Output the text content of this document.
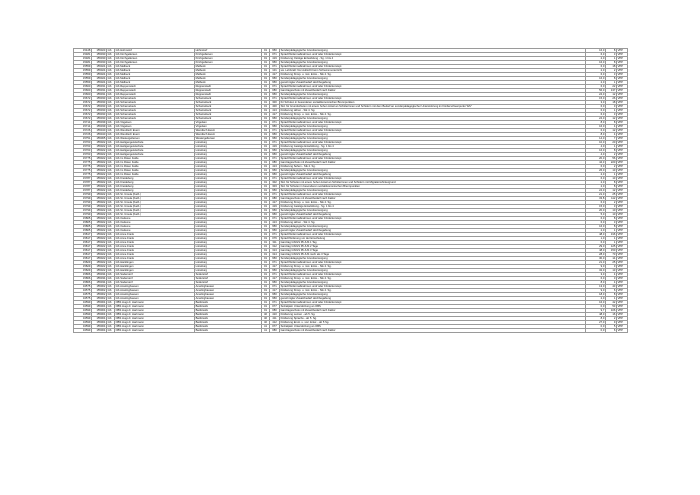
15448	155023	GS	GS Hohnstorf	Hohnstorf	01	950	Sonderpädagogische Grundversorgung	16,0	8	VPP
15481	155030	GS	GS Kirchgellersen	Kirchgellersen	01	071	Sprachfördermaßnahmen und/ oder Förderkonzept	6,0	3	VPP
15481	155030	GS	GS Kirchgellersen	Kirchgellersen	01	419	Förderung Ostolge Entwicklung - Sg. 1 bis 4	2,0	1	VPP
15481	155030	GS	GS Kirchgellersen	Kirchgellersen	01	950	Sonderpädagogische Grundversorgung	16,0	8	VPP
15559	155024	GS	GS Melbeck	Melbeck	01	071	Sprachfördermaßnahmen und/ oder Förderkonzept	6,0	18	VPP
15559	155024	GS	GS Melbeck	Melbeck	01	101	sw. Lehrkraft: Nur Aufsicht beim Schwimmunterricht	2,0	2	VPP
15559	155024	GS	GS Melbeck	Melbeck	01	417	Förderung Kinsp. u. mot. Entw. - Stk 4. Sg.	6,0	3	VPP
15559	155024	GS	GS Melbeck	Melbeck	01	950	Sonderpädagogische Grundversorgung	16,0	8	VPP
15559	155024	GS	GS Melbeck	Melbeck	01	950	genehmigter Zusatzbedarf Hochbegabung	2,0	1	VPP
15660	155031	GS	GS Reppenstedt	Reppenstedt	01	071	Sprachfördermaßnahmen und/ oder Förderkonzept	6,0	22	VPP
15660	155031	GS	GS Reppenstedt	Reppenstedt	01	080	Ganztagsschule mit Zusatzbedarf nach Faktor	56,0	137	VPP
15660	155031	GS	GS Reppenstedt	Reppenstedt	01	950	Sonderpädagogische Grundversorgung	24,0	12	VPP
15672	155033	GS	GS Scharnebeck	Scharnebeck	01	071	Sprachfördermaßnahmen und/ oder Förderkonzept	15,0	26	VPP
15672	155033	GS	GS Scharnebeck	Scharnebeck	01	300	für Schulen in besonderen sozialökonomischen Brennpunkten	3,0	18	VPP
15672	155033	GS	GS Scharnebeck	Scharnebeck	01	400	Std. für Grundschulen mit einem hohen Anteil an Schülerinnen und Schülern mit dem Bedarf an sonderpädagogischer Unterstützung im Förderschwerpunkt "ES"	6,0	3	VPP
15672	155033	GS	GS Scharnebeck	Scharnebeck	01	413	Förderung Hören - Stk 4. Sg.	6,0	1	VPP
15672	155033	GS	GS Scharnebeck	Scharnebeck	01	417	Förderung Kinsp. u. mot. Entw. - Stk 4. Sg.	6,0	3	VPP
15672	155033	GS	GS Scharnebeck	Scharnebeck	01	950	Sonderpädagogische Grundversorgung	24,0	12	VPP
15714	155039	GS	GS Vögelsen	Vögelsen	01	071	Sprachfördermaßnahmen und/ oder Förderkonzept	8,0	8	VPP
15714	155039	GS	GS Vögelsen	Vögelsen	01	950	Sonderpädagogische Grundversorgung	16,0	4	VPP
15726	155040	GS	GS Wendisch Evern	Wendisch Evern	01	071	Sprachfördermaßnahmen und/ oder Förderkonzept	6,0	12	VPP
15726	155040	GS	GS Wendisch Evern	Wendisch Evern	01	950	Sonderpädagogische Grundversorgung	8,0	4	VPP
15751	155065	GS	GS Westergellersen	Westergellersen	01	950	Sonderpädagogische Grundversorgung	14,0	7	VPP
15763	155022	GS	GS Heiligengeistschule	Lüneburg	01	071	Sprachfördermaßnahmen und/ oder Förderkonzept	10,0	20	VPP
15763	155022	GS	GS Heiligengeistschule	Lüneburg	01	419	Förderung Geistige Entwicklung - Sg. 1 bis 4	4,0	1	VPP
15763	155022	GS	GS Heiligengeistschule	Lüneburg	01	950	Sonderpädagogische Grundversorgung	16,0	8	VPP
15763	155022	GS	GS Heiligengeistschule	Lüneburg	01	950	genehmigter Zusatzbedarf Hochbegabung	4,0	2	VPP
15775	155022	GS	GS Im Roten Felde	Lüneburg	01	071	Sprachfördermaßnahmen und/ oder Förderkonzept	20,0	56	VPP
15775	155022	GS	GS Im Roten Felde	Lüneburg	01	080	Ganztagsschule mit Zusatzbedarf nach Faktor	44,3	220	VPP
15775	155022	GS	GS Im Roten Felde	Lüneburg	01	413	Förderung Sehen - Stk 4. Sg.	6,0	2	VPP
15775	155022	GS	GS Im Roten Felde	Lüneburg	01	950	Sonderpädagogische Grundversorgung	26,0	13	VPP
15775	155022	GS	GS Im Roten Felde	Lüneburg	01	950	genehmigter Zusatzbedarf Hochbegabung	2,0	1	VPP
15787	155022	GS	GS Kreideberg	Lüneburg	01	071	Sprachfördermaßnahmen und/ oder Förderkonzept	6,0	13	VPP
15787	155022	GS	GS Kreideberg	Lüneburg	01	302	Std. für Schulen mit einem hohen Anteil an Schülerinnen und Schülern mit Migrationshintergrund	2,0	8	VPP
15787	155022	GS	GS Kreideberg	Lüneburg	01	303	Std. für Schulen in besonderen sozialökonomischen Brennpunkten	2,0	8	VPP
15787	155022	GS	GS Kreideberg	Lüneburg	01	950	Sonderpädagogische Grundversorgung	24,0	12	VPP
15799	155022	GS	GS St. Ursula (Kath.)	Lüneburg	01	071	Sprachfördermaßnahmen und/ oder Förderkonzept	21,0	25	VPP
15799	155022	GS	GS St. Ursula (Kath.)	Lüneburg	01	080	Ganztagsschule mit Zusatzbedarf nach Faktor	33,8	112	VPP
15799	155022	GS	GS St. Ursula (Kath.)	Lüneburg	01	417	Förderung Kinsp. u. mot. Entw. - Stk 4. Sg.	6,0	2	VPP
15799	155022	GS	GS St. Ursula (Kath.)	Lüneburg	01	419	Förderung Geistige Entwicklung - Sg. 1 bis 4	15,0	3	VPP
15799	155022	GS	GS St. Ursula (Kath.)	Lüneburg	01	950	Sonderpädagogische Grundversorgung	20,0	10	VPP
15799	155022	GS	GS St. Ursula (Kath.)	Lüneburg	01	950	genehmigter Zusatzbedarf Hochbegabung	5,0	10	VPP
15805	155022	GS	GS Oedeme	Lüneburg	01	071	Sprachfördermaßnahmen und/ oder Förderkonzept	6,0	8	VPP
15805	155022	GS	GS Oedeme	Lüneburg	01	413	Förderung Hören - Stk 4. Sg.	6,0	3	VPP
15805	155022	GS	GS Oedeme	Lüneburg	01	950	Sonderpädagogische Grundversorgung	16,0	8	VPP
15805	155022	GS	GS Oedeme	Lüneburg	01	950	genehmigter Zusatzbedarf Hochbegabung	2,0	1	VPP
15817	155022	GS	GS Anne Frank	Lüneburg	01	071	Sprachfördermaßnahmen und/ oder Förderkonzept	48,0	316	VPP
15817	155022	GS	GS Anne Frank	Lüneburg	01	076	Sprachförderung vor der Einschulung	1,0	1	VPP
15817	155022	GS	GS Anne Frank	Lüneburg	01	311	Ganztag GS/GS Pb./HS 1 Tag	6,0	1	VPP
15817	155022	GS	GS Anne Frank	Lüneburg	01	312	Ganztag GS/GS Pb./HS 2 Tage	29,0	125	VPP
15817	155022	GS	GS Anne Frank	Lüneburg	01	313	Ganztag GS/GS Pb./HS 3 Tage	48,0	150	VPP
15817	155022	GS	GS Anne Frank	Lüneburg	01	314	Ganztag GS/GS Pb./HS mehr als 3 Tage	28,0	70	VPP
15817	155022	GS	GS Anne Frank	Lüneburg	01	950	Sonderpädagogische Grundversorgung	30,0	14	VPP
15829	155022	GS	GS Häcklingen	Lüneburg	01	071	Sprachfördermaßnahmen und/ oder Förderkonzept	21,0	25	VPP
15829	155022	GS	GS Häcklingen	Lüneburg	01	417	Förderung Kinsp. u. mot. Entw. - Stk 4. Sg.	9,0	3	VPP
15829	155022	GS	GS Häcklingen	Lüneburg	01	950	Sonderpädagogische Grundversorgung	32,0	13	VPP
15866	155034	GS	GS Soderstorf	Soderstorf	01	071	Sprachfördermaßnahmen und/ oder Förderkonzept	3,0	4	VPP
15866	155034	GS	GS Soderstorf	Soderstorf	01	417	Förderung Kinsp. u. mot. Entw. - Stk 4. Sg.	6,0	3	VPP
15866	155034	GS	GS Soderstorf	Soderstorf	01	950	Sonderpädagogische Grundversorgung	8,0	4	VPP
34575	155002	GS	GS Amelinghausen	Amelinghausen	01	071	Sprachfördermaßnahmen und/ oder Förderkonzept	13,0	43	VPP
34575	155002	GS	GS Amelinghausen	Amelinghausen	01	417	Förderung Kinsp. u. mot. Entw. - Stk 4. Sg.	9,0	6	VPP
34575	155002	GS	GS Amelinghausen	Amelinghausen	01	950	Sonderpädagogische Grundversorgung	18,0	8	VPP
34575	155002	GS	GS Amelinghausen	Amelinghausen	01	950	genehmigter Zusatzbedarf Hochbegabung	2,0	1	VPP
34599	155004	GS	OBS Hugo F. Hartmann	Bardowick	01	071	Sprachfördermaßnahmen und/ oder Förderkonzept	16,0	42	VPP
34599	155004	GS	OBS Hugo F. Hartmann	Bardowick	01	077	Sozialpäd. Unterstützung an OBS	0,0	53	VPP
34599	155004	GS	OBS Hugo F. Hartmann	Bardowick	01	080	Ganztagsschule mit Zusatzbedarf nach Faktor	9,7	106	VPP
34599	155004	GS	OBS Hugo F. Hartmann	Bardowick	40	410	Förderung Lernen - ab 5. Sg.	48,0	16	VPP
34599	155004	GS	OBS Hugo F. Hartmann	Bardowick	40	411	Förderung Sprache - ab 5. Sg.	8,0	2	VPP
34599	155004	GS	OBS Hugo F. Hartmann	Bardowick	40	412	Förderung Emot. u. soz. Entw. - ab 5 Sg.	27,0	9	VPP
34599	155004	GS	OBS Hugo F. Hartmann	Bardowick	41	077	Sozialpäd. Unterstützung an OBS	0,0	5	VPP
34599	155004	GS	OBS Hugo F. Hartmann	Bardowick	41	080	Ganztagsschule mit Zusatzbedarf nach Faktor	0,0	6	VPP
